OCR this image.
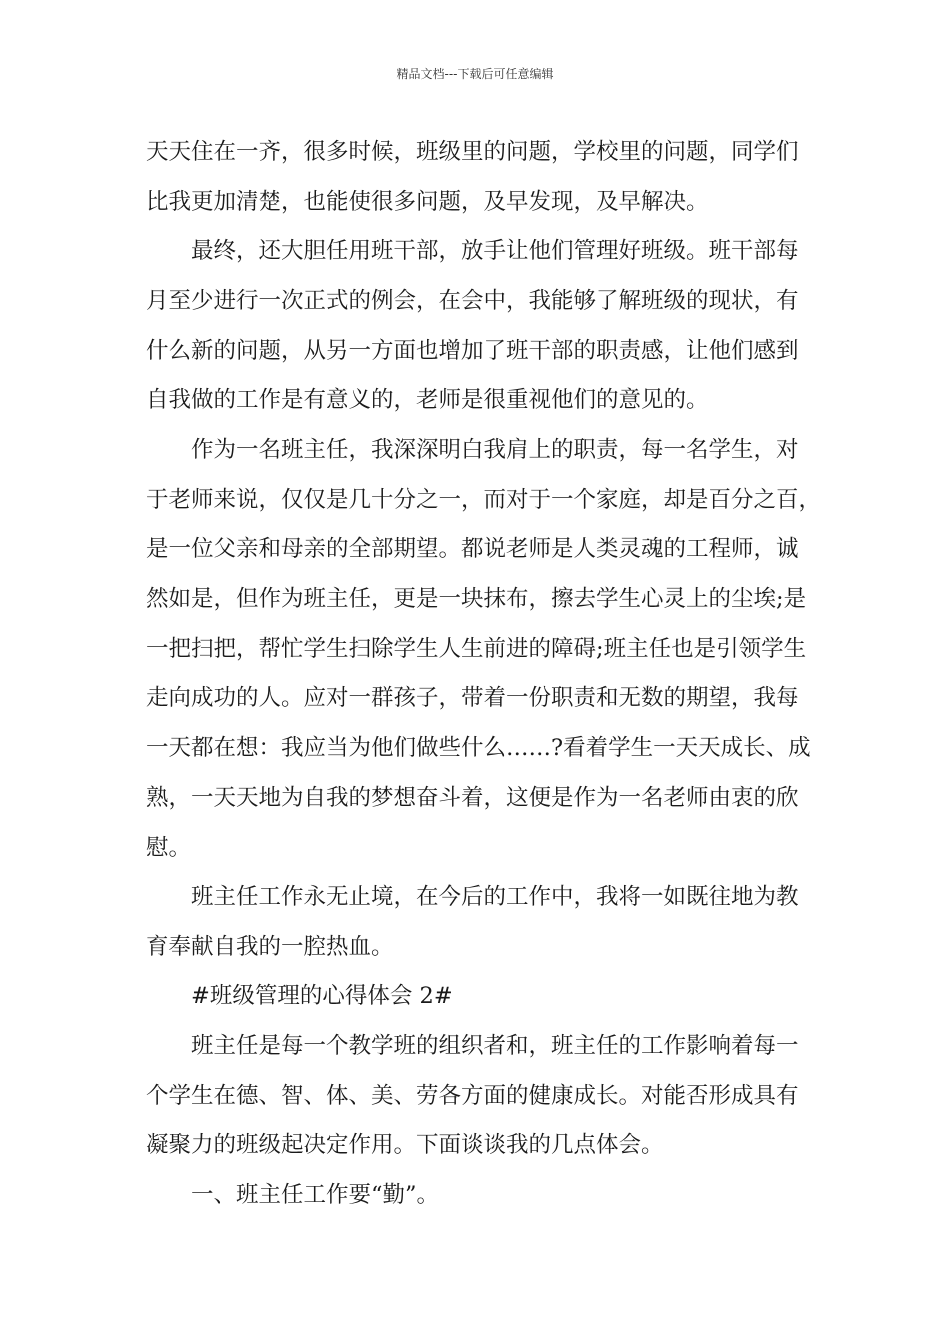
精品文档---下载后可任意编辑
天天住在一齐，很多时候，班级里的问题，学校里的问题，同学们
比我更加清楚，也能使很多问题，及早发现，及早解决。
最终，还大胆任用班干部，放手让他们管理好班级。班干部每
月至少进行一次正式的例会，在会中，我能够了解班级的现状，有
什么新的问题，从另一方面也增加了班干部的职责感，让他们感到
自我做的工作是有意义的，老师是很重视他们的意见的。
作为一名班主任，我深深明白我肩上的职责，每一名学生，对
于老师来说，仅仅是几十分之一，而对于一个家庭，却是百分之百，
是一位父亲和母亲的全部期望。都说老师是人类灵魂的工程师，诚
然如是，但作为班主任，更是一块抹布，擦去学生心灵上的尘埃;是
一把扫把，帮忙学生扫除学生人生前进的障碍;班主任也是引领学生
走向成功的人。应对一群孩子，带着一份职责和无数的期望，我每
一天都在想：我应当为他们做些什么……?看着学生一天天成长、成
熟，一天天地为自我的梦想奋斗着，这便是作为一名老师由衷的欣
慰。
班主任工作永无止境，在今后的工作中，我将一如既往地为教
育奉献自我的一腔热血。
#班级管理的心得体会 2#
班主任是每一个教学班的组织者和，班主任的工作影响着每一
个学生在德、智、体、美、劳各方面的健康成长。对能否形成具有
凝聚力的班级起决定作用。下面谈谈我的几点体会。
一、班主任工作要“勤”。
